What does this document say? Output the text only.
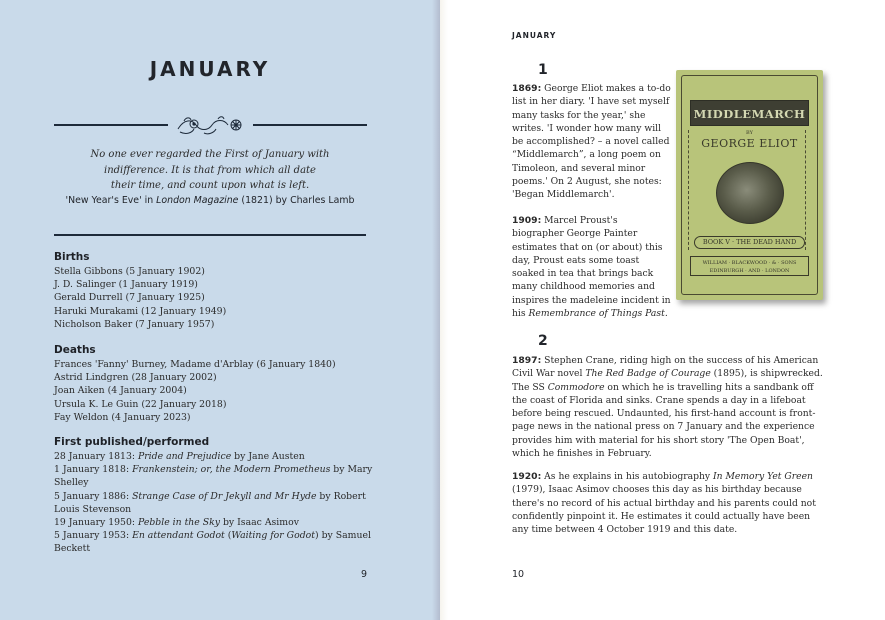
JANUARY
No one ever regarded the First of January with
indifference. It is that from which all date
their time, and count upon what is left.
'New Year's Eve' in London Magazine (1821) by Charles Lamb
Births
Stella Gibbons (5 January 1902)
J. D. Salinger (1 January 1919)
Gerald Durrell (7 January 1925)
Haruki Murakami (12 January 1949)
Nicholson Baker (7 January 1957)
Deaths
Frances 'Fanny' Burney, Madame d'Arblay (6 January 1840)
Astrid Lindgren (28 January 2002)
Joan Aiken (4 January 2004)
Ursula K. Le Guin (22 January 2018)
Fay Weldon (4 January 2023)
First published/performed
28 January 1813: Pride and Prejudice by Jane Austen
1 January 1818: Frankenstein; or, the Modern Prometheus by Mary Shelley
5 January 1886: Strange Case of Dr Jekyll and Mr Hyde by Robert Louis Stevenson
19 January 1950: Pebble in the Sky by Isaac Asimov
5 January 1953: En attendant Godot (Waiting for Godot) by Samuel Beckett
9
JANUARY
1
1869: George Eliot makes a to-do list in her diary. 'I have set myself many tasks for the year,' she writes. 'I wonder how many will be accomplished? – a novel called “Middlemarch”, a long poem on Timoleon, and several minor poems.' On 2 August, she notes: 'Began Middlemarch'.
1909: Marcel Proust's biographer George Painter estimates that on (or about) this day, Proust eats some toast soaked in tea that brings back many childhood memories and inspires the madeleine incident in his Remembrance of Things Past.
MIDDLEMARCH
BY
GEORGE ELIOT
BOOK V · THE DEAD HAND
WILLIAM · BLACKWOOD · & · SONS
EDINBURGH · AND · LONDON
2
1897: Stephen Crane, riding high on the success of his American Civil War novel The Red Badge of Courage (1895), is shipwrecked. The SS Commodore on which he is travelling hits a sandbank off the coast of Florida and sinks. Crane spends a day in a lifeboat before being rescued. Undaunted, his first-hand account is front-page news in the national press on 7 January and the experience provides him with material for his short story 'The Open Boat', which he finishes in February.
1920: As he explains in his autobiography In Memory Yet Green (1979), Isaac Asimov chooses this day as his birthday because there's no record of his actual birthday and his parents could not confidently pinpoint it. He estimates it could actually have been any time between 4 October 1919 and this date.
10
